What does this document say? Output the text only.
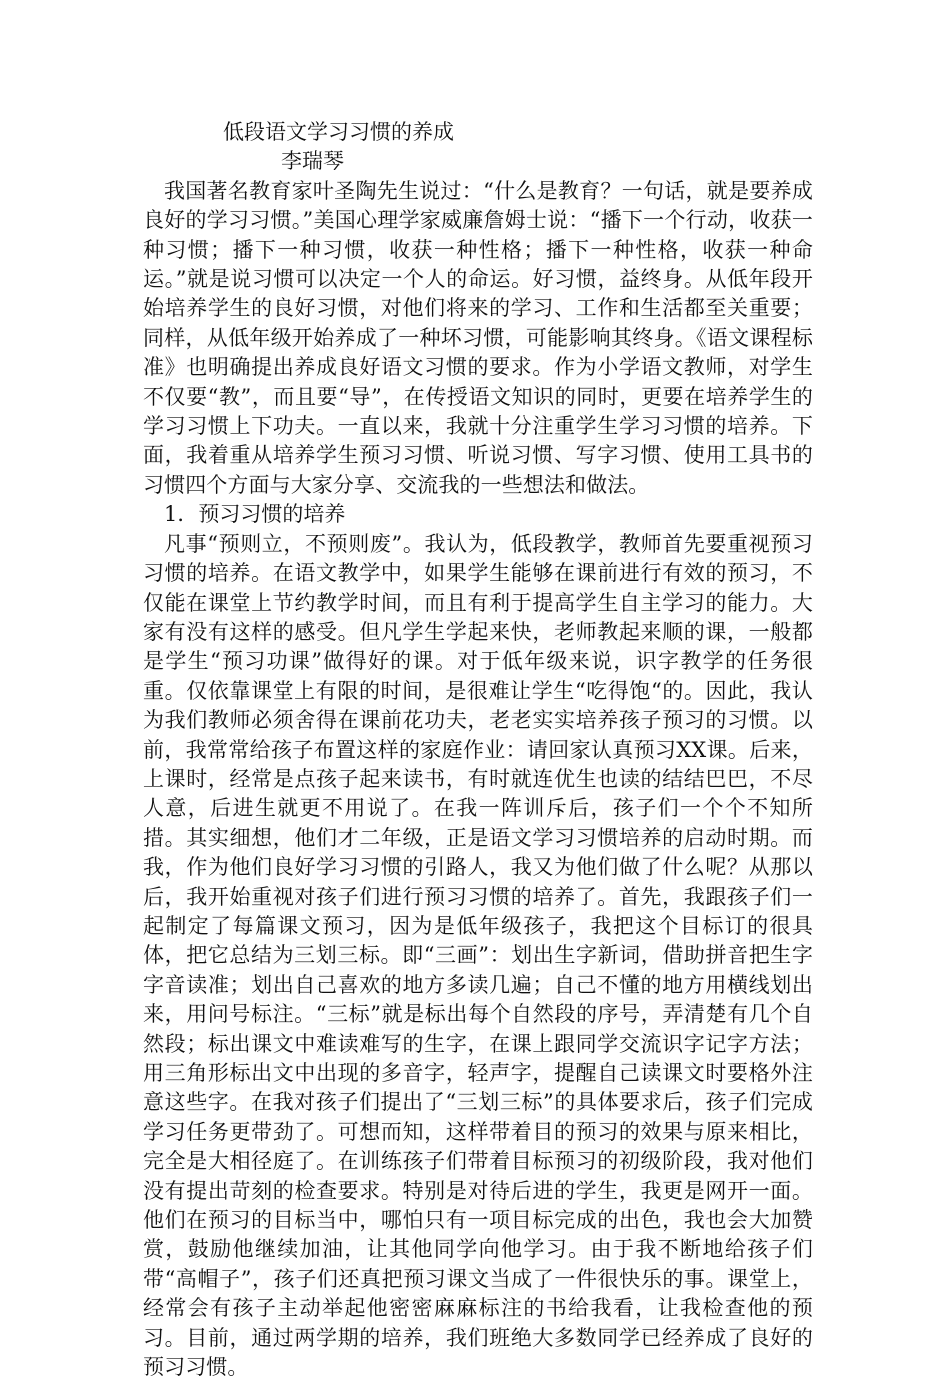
低段语文学习习惯的养成
李瑞琴

我国著名教育家叶圣陶先生说过：“什么是教育？一句话，就是要养成良好的学习习惯。”美国心理学家威廉詹姆士说：“播下一个行动，收获一种习惯；播下一种习惯，收获一种性格；播下一种性格，收获一种命运。”就是说习惯可以决定一个人的命运。好习惯，益终身。从低年段开始培养学生的良好习惯，对他们将来的学习、工作和生活都至关重要；同样，从低年级开始养成了一种坏习惯，可能影响其终身。《语文课程标准》也明确提出养成良好语文习惯的要求。作为小学语文教师，对学生不仅要“教”，而且要“导”，在传授语文知识的同时，更要在培养学生的学习习惯上下功夫。一直以来，我就十分注重学生学习习惯的培养。下面，我着重从培养学生预习习惯、听说习惯、写字习惯、使用工具书的习惯四个方面与大家分享、交流我的一些想法和做法。

1．预习习惯的培养

凡事“预则立，不预则废”。我认为，低段教学，教师首先要重视预习习惯的培养。在语文教学中，如果学生能够在课前进行有效的预习，不仅能在课堂上节约教学时间，而且有利于提高学生自主学习的能力。大家有没有这样的感受。但凡学生学起来快，老师教起来顺的课，一般都是学生“预习功课”做得好的课。对于低年级来说，识字教学的任务很重。仅依靠课堂上有限的时间，是很难让学生“吃得饱“的。因此，我认为我们教师必须舍得在课前花功夫，老老实实培养孩子预习的习惯。以前，我常常给孩子布置这样的家庭作业：请回家认真预习XX课。后来，上课时，经常是点孩子起来读书，有时就连优生也读的结结巴巴，不尽人意，后进生就更不用说了。在我一阵训斥后，孩子们一个个不知所措。其实细想，他们才二年级，正是语文学习习惯培养的启动时期。而我，作为他们良好学习习惯的引路人，我又为他们做了什么呢？从那以后，我开始重视对孩子们进行预习习惯的培养了。首先，我跟孩子们一起制定了每篇课文预习，因为是低年级孩子，我把这个目标订的很具体，把它总结为三划三标。即“三画”：划出生字新词，借助拼音把生字字音读准；划出自己喜欢的地方多读几遍；自己不懂的地方用横线划出来，用问号标注。“三标”就是标出每个自然段的序号，弄清楚有几个自然段；标出课文中难读难写的生字，在课上跟同学交流识字记字方法；用三角形标出文中出现的多音字，轻声字，提醒自己读课文时要格外注意这些字。在我对孩子们提出了“三划三标”的具体要求后，孩子们完成学习任务更带劲了。可想而知，这样带着目的预习的效果与原来相比，完全是大相径庭了。在训练孩子们带着目标预习的初级阶段，我对他们没有提出苛刻的检查要求。特别是对待后进的学生，我更是网开一面。他们在预习的目标当中，哪怕只有一项目标完成的出色，我也会大加赞赏，鼓励他继续加油，让其他同学向他学习。由于我不断地给孩子们带“高帽子”，孩子们还真把预习课文当成了一件很快乐的事。课堂上，经常会有孩子主动举起他密密麻麻标注的书给我看，让我检查他的预习。目前，通过两学期的培养，我们班绝大多数同学已经养成了良好的预习习惯。
